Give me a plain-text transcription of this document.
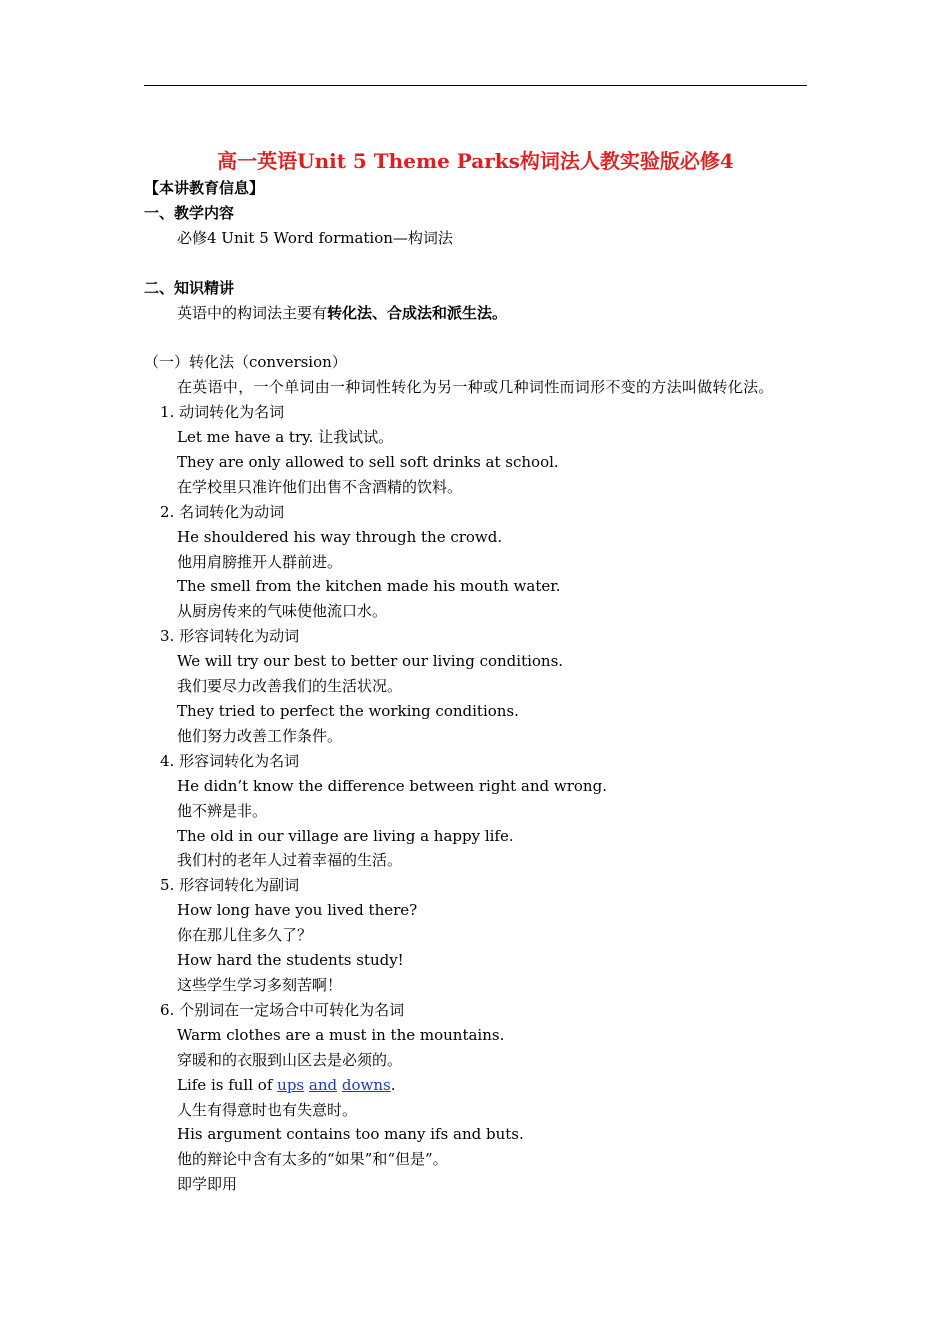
高一英语Unit 5 Theme Parks构词法人教实验版必修4

【本讲教育信息】

一、教学内容

必修4 Unit 5 Word formation—构词法

二、知识精讲

英语中的构词法主要有转化法、合成法和派生法。

（一）转化法（conversion）

在英语中，一个单词由一种词性转化为另一种或几种词性而词形不变的方法叫做转化法。

1. 动词转化为名词

Let me have a try. 让我试试。

They are only allowed to sell soft drinks at school.

在学校里只准许他们出售不含酒精的饮料。

2. 名词转化为动词

He shouldered his way through the crowd.

他用肩膀推开人群前进。

The smell from the kitchen made his mouth water.

从厨房传来的气味使他流口水。

3. 形容词转化为动词

We will try our best to better our living conditions.

我们要尽力改善我们的生活状况。

They tried to perfect the working conditions.

他们努力改善工作条件。

4. 形容词转化为名词

He didn’t know the difference between right and wrong.

他不辨是非。

The old in our village are living a happy life.

我们村的老年人过着幸福的生活。

5. 形容词转化为副词

How long have you lived there?

你在那儿住多久了？

How hard the students study!

这些学生学习多刻苦啊！

6. 个别词在一定场合中可转化为名词

Warm clothes are a must in the mountains.

穿暖和的衣服到山区去是必须的。

Life is full of ups and downs.

人生有得意时也有失意时。

His argument contains too many ifs and buts.

他的辩论中含有太多的“如果”和“但是”。

即学即用
